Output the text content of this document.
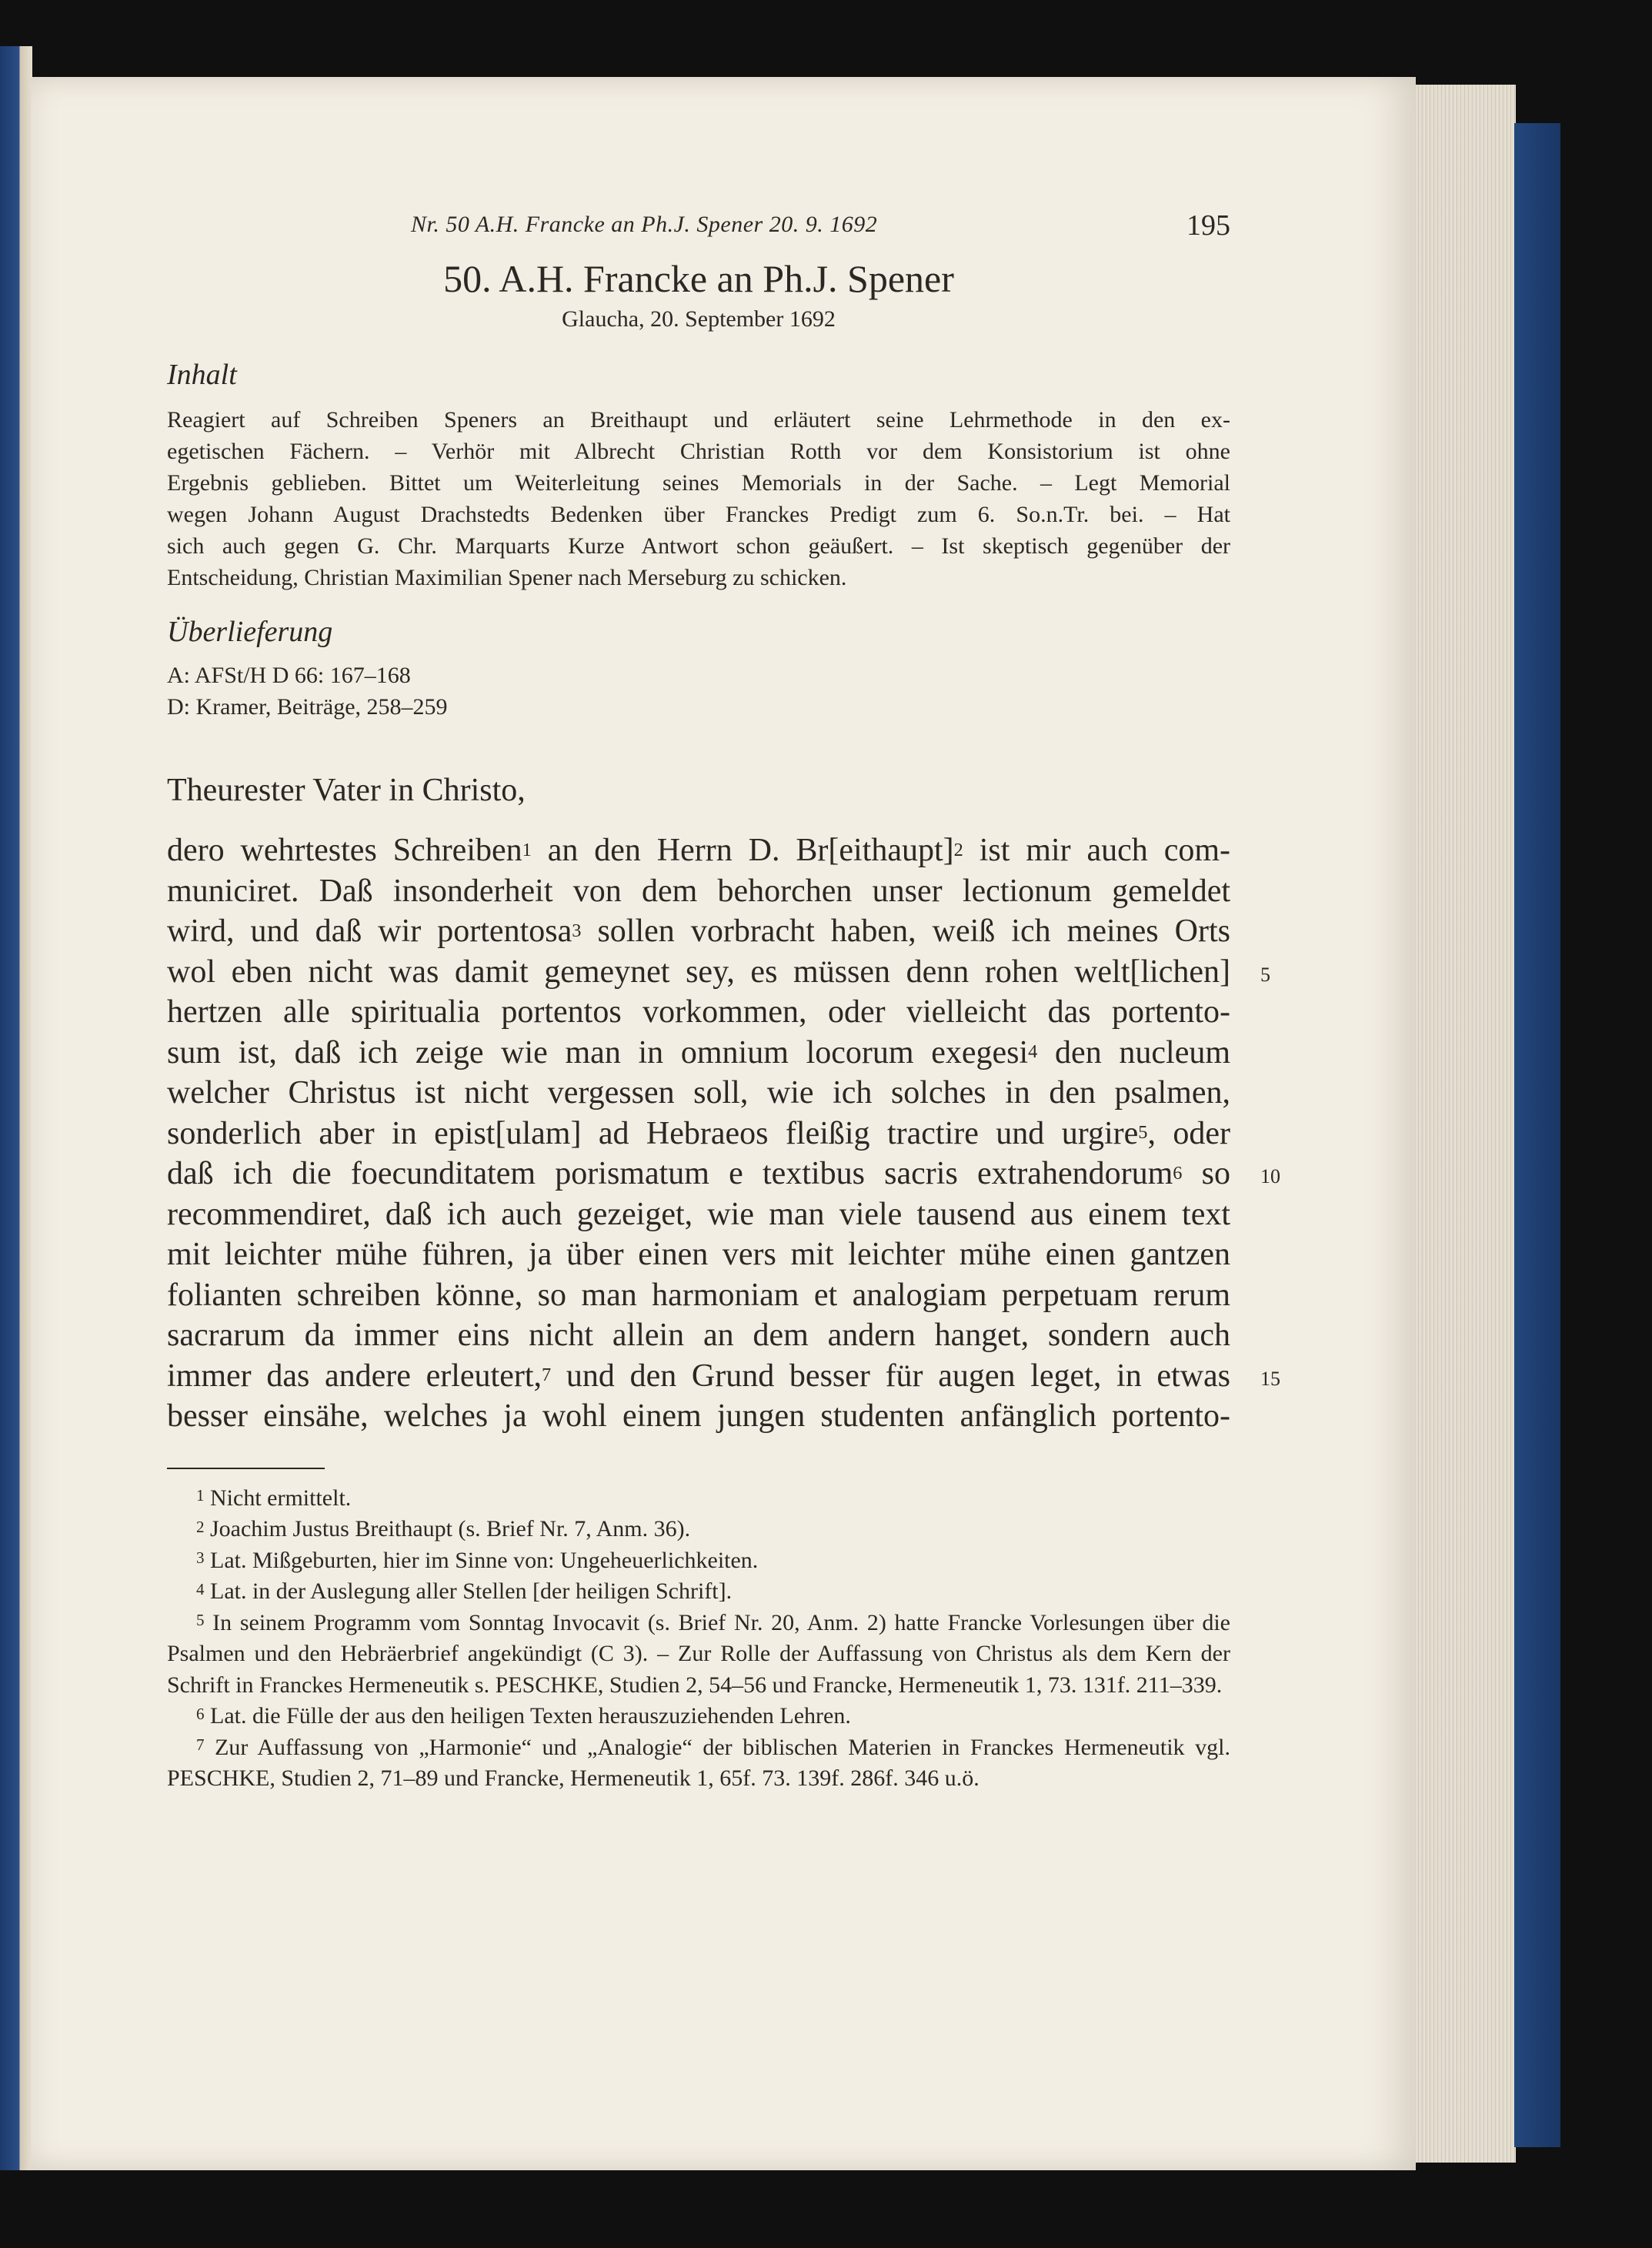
Nr. 50 A.H. Francke an Ph.J. Spener 20. 9. 1692	195
50. A.H. Francke an Ph.J. Spener
Glaucha, 20. September 1692
Inhalt
Reagiert auf Schreiben Speners an Breithaupt und erläutert seine Lehrmethode in den ex-
egetischen Fächern. – Verhör mit Albrecht Christian Rotth vor dem Konsistorium ist ohne
Ergebnis geblieben. Bittet um Weiterleitung seines Memorials in der Sache. – Legt Memorial
wegen Johann August Drachstedts Bedenken über Franckes Predigt zum 6. So.n.Tr. bei. – Hat
sich auch gegen G. Chr. Marquarts Kurze Antwort schon geäußert. – Ist skeptisch gegenüber der
Entscheidung, Christian Maximilian Spener nach Merseburg zu schicken.
Überlieferung
A: AFSt/H D 66: 167–168
D: Kramer, Beiträge, 258–259
Theurester Vater in Christo,
dero wehrtestes Schreiben$^1$ an den Herrn D. Br[eithaupt]$^2$ ist mir auch com-
municiret. Daß insonderheit von dem behorchen unser lectionum gemeldet
wird, und daß wir portentosa$^3$ sollen vorbracht haben, weiß ich meines Orts
wol eben nicht was damit gemeynet sey, es müssen denn rohen welt[lichen] 5
hertzen alle spiritualia portentos vorkommen, oder vielleicht das portento-
sum ist, daß ich zeige wie man in omnium locorum exegesi$^4$ den nucleum
welcher Christus ist nicht vergessen soll, wie ich solches in den psalmen,
sonderlich aber in epist[ulam] ad Hebraeos fleißig tractire und urgire$^5$, oder
daß ich die foecunditatem porismatum e textibus sacris extrahendorum$^6$ so 10
recommendiret, daß ich auch gezeiget, wie man viele tausend aus einem text
mit leichter mühe führen, ja über einen vers mit leichter mühe einen gantzen
folianten schreiben könne, so man harmoniam et analogiam perpetuam rerum
sacrarum da immer eins nicht allein an dem andern hanget, sondern auch
immer das andere erleutert,$^7$ und den Grund besser für augen leget, in etwas 15
besser einsähe, welches ja wohl einem jungen studenten anfänglich portento-
$^1$ Nicht ermittelt.
$^2$ Joachim Justus Breithaupt (s. Brief Nr. 7, Anm. 36).
$^3$ Lat. Mißgeburten, hier im Sinne von: Ungeheuerlichkeiten.
$^4$ Lat. in der Auslegung aller Stellen [der heiligen Schrift].
$^5$ In seinem Programm vom Sonntag Invocavit (s. Brief Nr. 20, Anm. 2) hatte Francke Vorlesungen über die Psalmen und den Hebräerbrief angekündigt (C 3). – Zur Rolle der Auffassung von Christus als dem Kern der Schrift in Franckes Hermeneutik s. PESCHKE, Studien 2, 54–56 und Francke, Hermeneutik 1, 73. 131f. 211–339.
$^6$ Lat. die Fülle der aus den heiligen Texten herauszuziehenden Lehren.
$^7$ Zur Auffassung von „Harmonie“ und „Analogie“ der biblischen Materien in Franckes Hermeneutik vgl. PESCHKE, Studien 2, 71–89 und Francke, Hermeneutik 1, 65f. 73. 139f. 286f. 346 u.ö.
